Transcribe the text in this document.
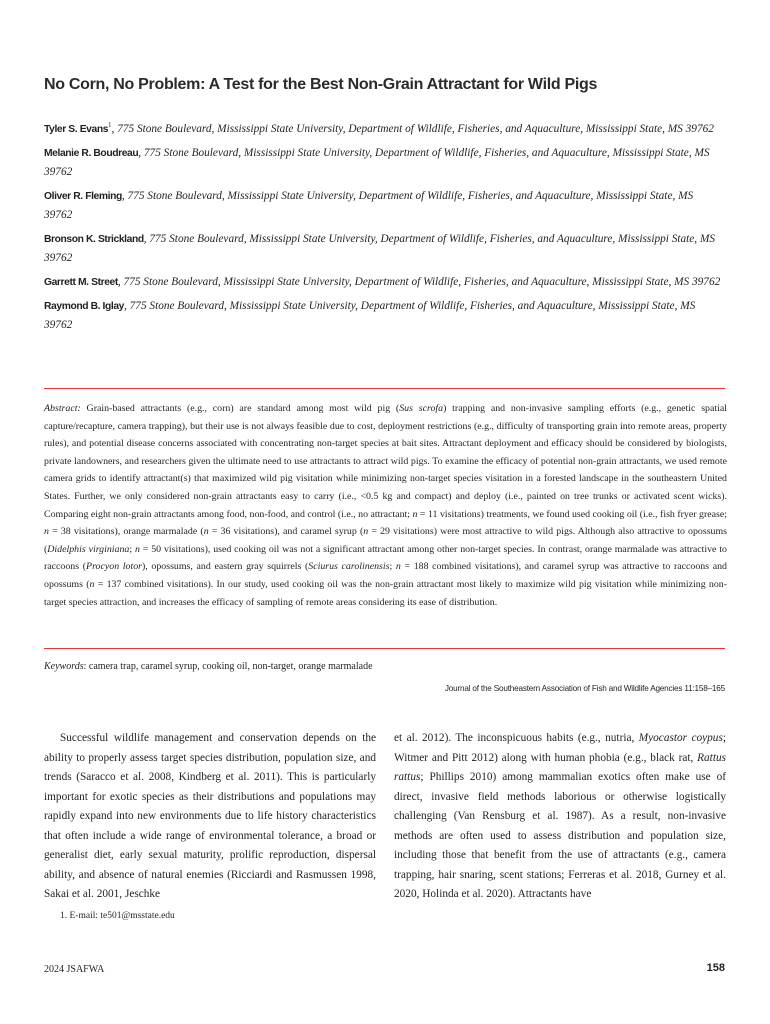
No Corn, No Problem: A Test for the Best Non-Grain Attractant for Wild Pigs
Tyler S. Evans$^1$, 775 Stone Boulevard, Mississippi State University, Department of Wildlife, Fisheries, and Aquaculture, Mississippi State, MS 39762
Melanie R. Boudreau, 775 Stone Boulevard, Mississippi State University, Department of Wildlife, Fisheries, and Aquaculture, Mississippi State, MS 39762
Oliver R. Fleming, 775 Stone Boulevard, Mississippi State University, Department of Wildlife, Fisheries, and Aquaculture, Mississippi State, MS 39762
Bronson K. Strickland, 775 Stone Boulevard, Mississippi State University, Department of Wildlife, Fisheries, and Aquaculture, Mississippi State, MS 39762
Garrett M. Street, 775 Stone Boulevard, Mississippi State University, Department of Wildlife, Fisheries, and Aquaculture, Mississippi State, MS 39762
Raymond B. Iglay, 775 Stone Boulevard, Mississippi State University, Department of Wildlife, Fisheries, and Aquaculture, Mississippi State, MS 39762
Abstract: Grain-based attractants (e.g., corn) are standard among most wild pig (Sus scrofa) trapping and non-invasive sampling efforts (e.g., genetic spatial capture/recapture, camera trapping), but their use is not always feasible due to cost, deployment restrictions (e.g., difficulty of transporting grain into remote areas, property rules), and potential disease concerns associated with concentrating non-target species at bait sites. Attractant deployment and efficacy should be considered by biologists, private landowners, and researchers given the ultimate need to use attractants to attract wild pigs. To examine the efficacy of potential non-grain attractants, we used remote camera grids to identify attractant(s) that maximized wild pig visitation while minimizing non-target species visitation in a forested landscape in the southeastern United States. Further, we only considered non-grain attractants easy to carry (i.e., <0.5 kg and compact) and deploy (i.e., painted on tree trunks or activated scent wicks). Comparing eight non-grain attractants among food, non-food, and control (i.e., no attractant; n = 11 visitations) treatments, we found used cooking oil (i.e., fish fryer grease; n = 38 visitations), orange marmalade (n = 36 visitations), and caramel syrup (n = 29 visitations) were most attractive to wild pigs. Although also attractive to opossums (Didelphis virginiana; n = 50 visitations), used cooking oil was not a significant attractant among other non-target species. In contrast, orange marmalade was attractive to raccoons (Procyon lotor), opossums, and eastern gray squirrels (Sciurus carolinensis; n = 188 combined visitations), and caramel syrup was attractive to raccoons and opossums (n = 137 combined visitations). In our study, used cooking oil was the non-grain attractant most likely to maximize wild pig visitation while minimizing non-target species attraction, and increases the efficacy of sampling of remote areas considering its ease of distribution.
Keywords: camera trap, caramel syrup, cooking oil, non-target, orange marmalade
Journal of the Southeastern Association of Fish and Wildlife Agencies 11:158–165

Successful wildlife management and conservation depends on the ability to properly assess target species distribution, population size, and trends (Saracco et al. 2008, Kindberg et al. 2011). This is particularly important for exotic species as their distributions and populations may rapidly expand into new environments due to life history characteristics that often include a wide range of environmental tolerance, a broad or generalist diet, early sexual maturity, prolific reproduction, dispersal ability, and absence of natural enemies (Ricciardi and Rasmussen 1998, Sakai et al. 2001, Jeschke

et al. 2012). The inconspicuous habits (e.g., nutria, Myocastor coypus; Witmer and Pitt 2012) along with human phobia (e.g., black rat, Rattus rattus; Phillips 2010) among mammalian exotics often make use of direct, invasive field methods laborious or otherwise logistically challenging (Van Rensburg et al. 1987). As a result, non-invasive methods are often used to assess distribution and population size, including those that benefit from the use of attractants (e.g., camera trapping, hair snaring, scent stations; Ferreras et al. 2018, Gurney et al. 2020, Holinda et al. 2020). Attractants have

1. E-mail: te501@msstate.edu
2024 JSAFWA	158
